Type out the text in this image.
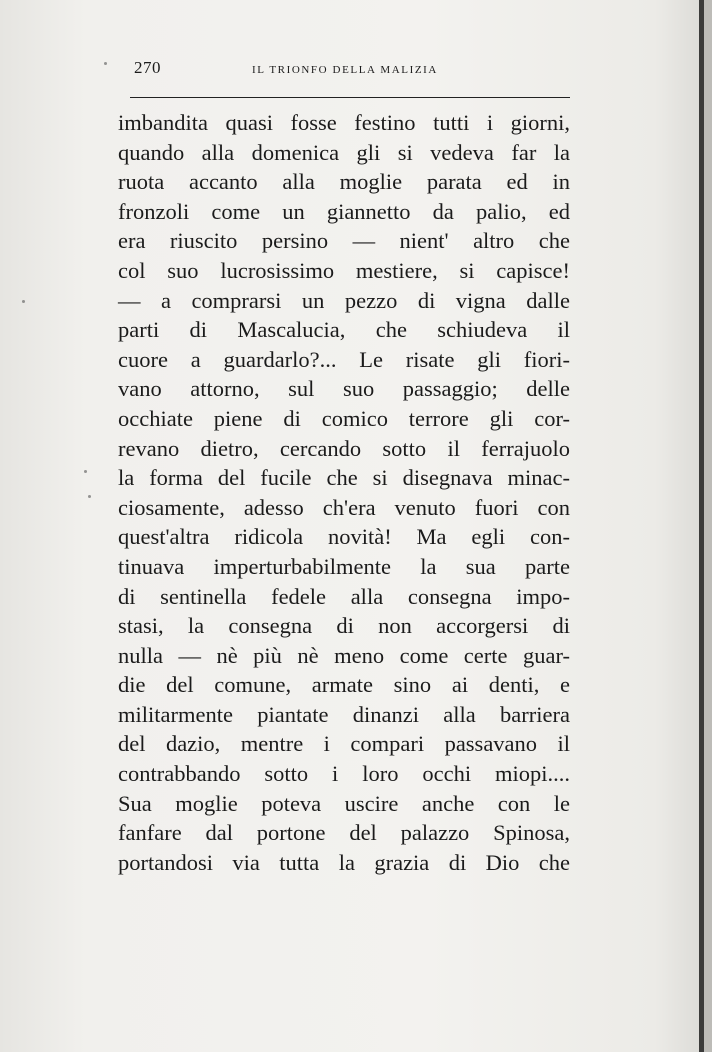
270	IL TRIONFO DELLA MALIZIA
imbandita quasi fosse festino tutti i giorni,
quando alla domenica gli si vedeva far la
ruota accanto alla moglie parata ed in
fronzoli come un giannetto da palio, ed
era riuscito persino — nient' altro che
col suo lucrosissimo mestiere, si capisce!
— a comprarsi un pezzo di vigna dalle
parti di Mascalucia, che schiudeva il
cuore a guardarlo?... Le risate gli fiori-
vano attorno, sul suo passaggio; delle
occhiate piene di comico terrore gli cor-
revano dietro, cercando sotto il ferrajuolo
la forma del fucile che si disegnava minac-
ciosamente, adesso ch'era venuto fuori con
quest'altra ridicola novità! Ma egli con-
tinuava imperturbabilmente la sua parte
di sentinella fedele alla consegna impo-
stasi, la consegna di non accorgersi di
nulla — nè più nè meno come certe guar-
die del comune, armate sino ai denti, e
militarmente piantate dinanzi alla barriera
del dazio, mentre i compari passavano il
contrabbando sotto i loro occhi miopi....
Sua moglie poteva uscire anche con le
fanfare dal portone del palazzo Spinosa,
portandosi via tutta la grazia di Dio che
